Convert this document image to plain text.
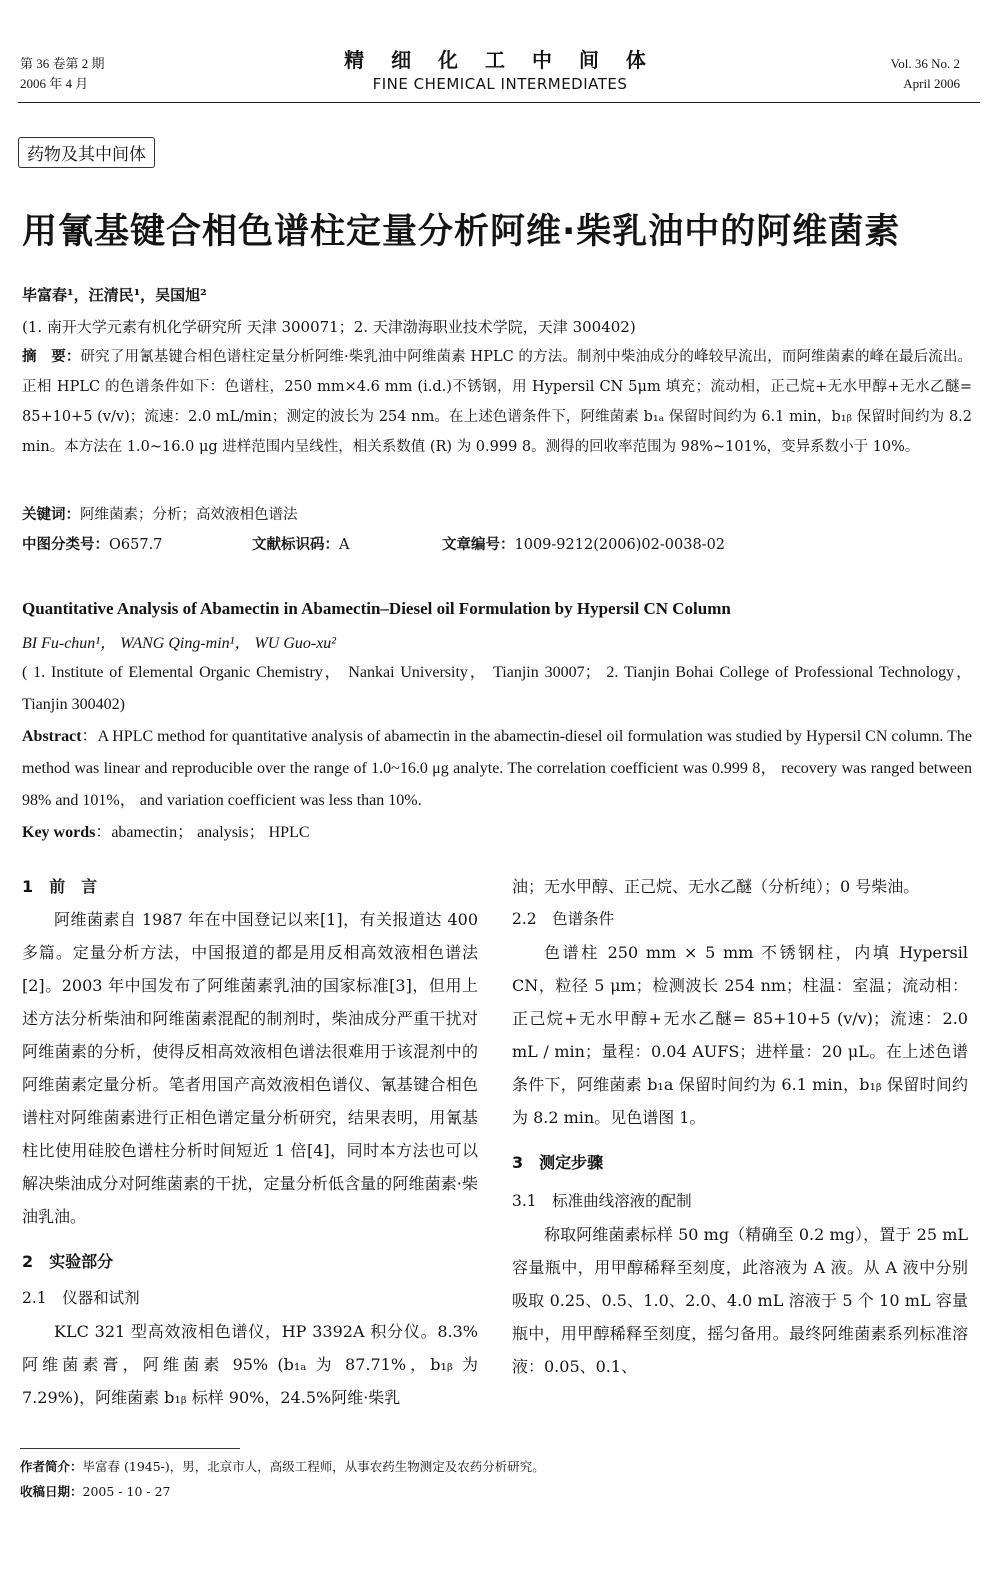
第 36 卷第 2 期
2006 年 4 月
精 细 化 工 中 间 体
FINE CHEMICAL INTERMEDIATES
Vol. 36 No. 2
April 2006
药物及其中间体
用氰基键合相色谱柱定量分析阿维·柴乳油中的阿维菌素
毕富春¹，汪清民¹，吴国旭²
(1. 南开大学元素有机化学研究所 天津 300071；2. 天津渤海职业技术学院，天津 300402)
摘　要：研究了用氰基键合相色谱柱定量分析阿维·柴乳油中阿维菌素 HPLC 的方法。制剂中柴油成分的峰较早流出，而阿维菌素的峰在最后流出。正相 HPLC 的色谱条件如下：色谱柱，250 mm×4.6 mm (i.d.)不锈钢，用 Hypersil CN 5μm 填充；流动相，正己烷+无水甲醇+无水乙醚= 85+10+5 (v/v)；流速：2.0 mL/min；测定的波长为 254 nm。在上述色谱条件下，阿维菌素 b₁ₐ 保留时间约为 6.1 min，b₁ᵦ 保留时间约为 8.2 min。本方法在 1.0~16.0 μg 进样范围内呈线性，相关系数值 (R) 为 0.999 8。测得的回收率范围为 98%~101%，变异系数小于 10%。
关键词：阿维菌素；分析；高效液相色谱法
中图分类号：O657.7	文献标识码：A	文章编号：1009-9212(2006)02-0038-02
Quantitative Analysis of Abamectin in Abamectin–Diesel oil Formulation by Hypersil CN Column
BI Fu-chun¹， WANG Qing-min¹， WU Guo-xu²
( 1. Institute of Elemental Organic Chemistry， Nankai University， Tianjin 30007； 2. Tianjin Bohai College of Professional Technology， Tianjin 300402)
Abstract：A HPLC method for quantitative analysis of abamectin in the abamectin-diesel oil formulation was studied by Hypersil CN column. The method was linear and reproducible over the range of 1.0~16.0 μg analyte. The correlation coefficient was 0.999 8， recovery was ranged between 98% and 101%， and variation coefficient was less than 10%.
Key words：abamectin； analysis； HPLC

1　前　言

阿维菌素自 1987 年在中国登记以来[1]，有关报道达 400 多篇。定量分析方法，中国报道的都是用反相高效液相色谱法[2]。2003 年中国发布了阿维菌素乳油的国家标准[3]，但用上述方法分析柴油和阿维菌素混配的制剂时，柴油成分严重干扰对阿维菌素的分析，使得反相高效液相色谱法很难用于该混剂中的阿维菌素定量分析。笔者用国产高效液相色谱仪、氰基键合相色谱柱对阿维菌素进行正相色谱定量分析研究，结果表明，用氰基柱比使用硅胶色谱柱分析时间短近 1 倍[4]，同时本方法也可以解决柴油成分对阿维菌素的干扰，定量分析低含量的阿维菌素·柴油乳油。

2　实验部分

2.1　仪器和试剂

KLC 321 型高效液相色谱仪，HP 3392A 积分仪。8.3%阿维菌素膏，阿维菌素 95% (b₁ₐ 为 87.71%，b₁ᵦ 为 7.29%)，阿维菌素 b₁ᵦ 标样 90%，24.5%阿维·柴乳

油；无水甲醇、正己烷、无水乙醚（分析纯）；0 号柴油。

2.2　色谱条件

色谱柱 250 mm × 5 mm 不锈钢柱，内填 Hypersil CN，粒径 5 μm；检测波长 254 nm；柱温：室温；流动相：正己烷+无水甲醇+无水乙醚= 85+10+5 (v/v)；流速：2.0 mL / min；量程：0.04 AUFS；进样量：20 μL。在上述色谱条件下，阿维菌素 b₁a 保留时间约为 6.1 min，b₁ᵦ 保留时间约为 8.2 min。见色谱图 1。

3　测定步骤

3.1　标准曲线溶液的配制

称取阿维菌素标样 50 mg（精确至 0.2 mg），置于 25 mL 容量瓶中，用甲醇稀释至刻度，此溶液为 A 液。从 A 液中分别吸取 0.25、0.5、1.0、2.0、4.0 mL 溶液于 5 个 10 mL 容量瓶中，用甲醇稀释至刻度，摇匀备用。最终阿维菌素系列标准溶液：0.05、0.1、

作者简介：毕富春 (1945-)，男，北京市人，高级工程师，从事农药生物测定及农药分析研究。
收稿日期：2005 - 10 - 27
